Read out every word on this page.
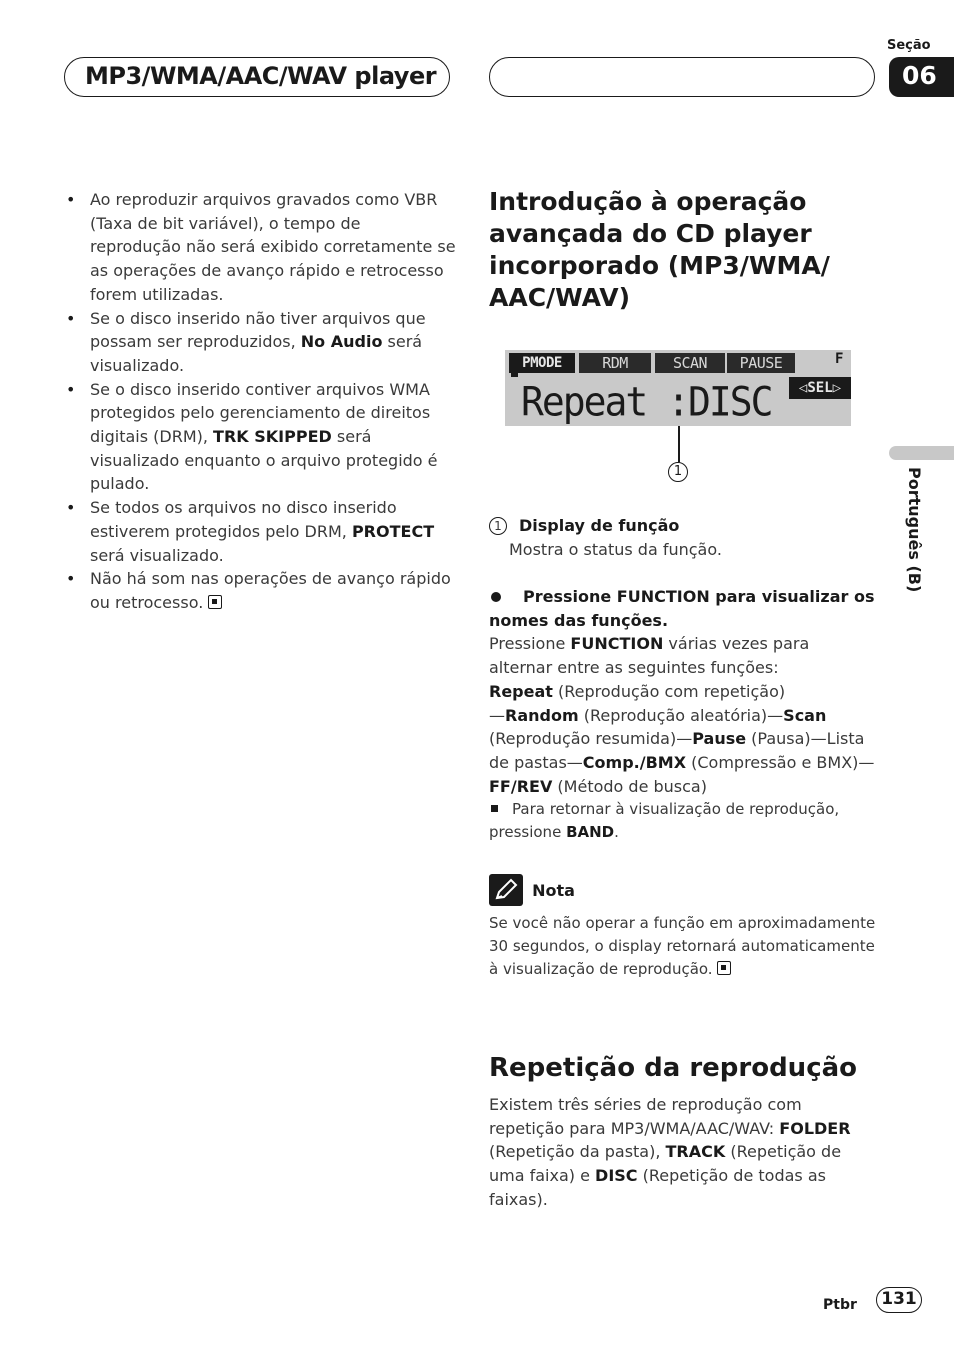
MP3/WMA/AAC/WAV player
Seção
06
Português (B)
• Ao reproduzir arquivos gravados como VBR (Taxa de bit variável), o tempo de reprodução não será exibido corretamente se as operações de avanço rápido e retrocesso forem utilizadas.
• Se o disco inserido não tiver arquivos que possam ser reproduzidos, No Audio será visualizado.
• Se o disco inserido contiver arquivos WMA protegidos pelo gerenciamento de direitos digitais (DRM), TRK SKIPPED será visualizado enquanto o arquivo protegido é pulado.
• Se todos os arquivos no disco inserido estiverem protegidos pelo DRM, PROTECT será visualizado.
• Não há som nas operações de avanço rápido ou retrocesso.
Introdução à operação
avançada do CD player
incorporado (MP3/WMA/
AAC/WAV)
PMODE	RDM	SCAN	PAUSE	F
◁SEL▷
Repeat :DISC
1
1 Display de função
Mostra o status da função.
Pressione FUNCTION para visualizar os nomes das funções.
Pressione FUNCTION várias vezes para alternar entre as seguintes funções:
Repeat (Reprodução com repetição)
—Random (Reprodução aleatória)—Scan (Reprodução resumida)—Pause (Pausa)—Lista de pastas—Comp./BMX (Compressão e BMX)—FF/REV (Método de busca)
Para retornar à visualização de reprodução, pressione BAND.
Nota
Se você não operar a função em aproximadamente 30 segundos, o display retornará automaticamente à visualização de reprodução.
Repetição da reprodução
Existem três séries de reprodução com repetição para MP3/WMA/AAC/WAV: FOLDER (Repetição da pasta), TRACK (Repetição de uma faixa) e DISC (Repetição de todas as faixas).
Ptbr	131
